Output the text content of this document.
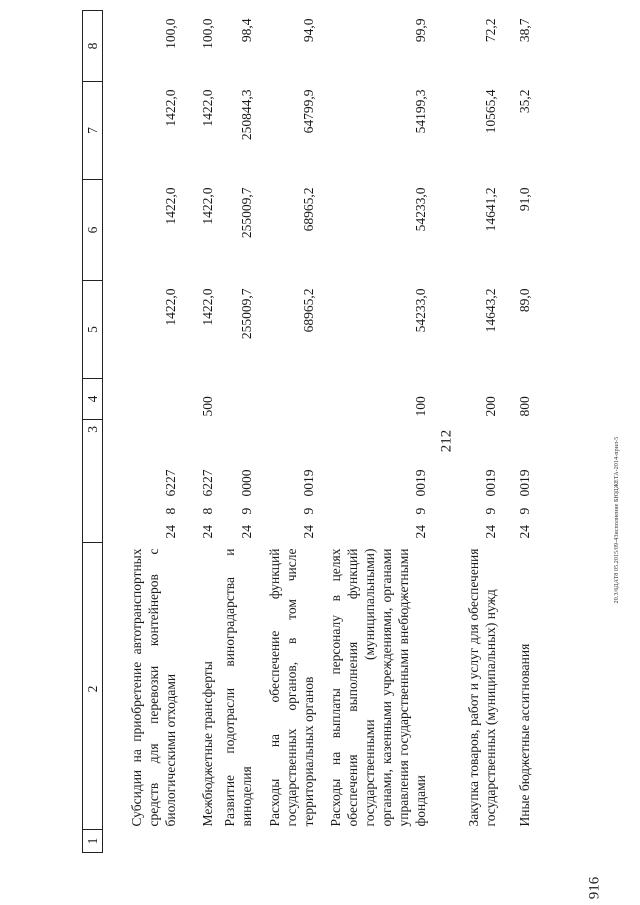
212
916
20.3/6ДАТ8 05.2015/09-43исполнение БЮДЖЕТА-2014-прил-5
1	2	3	4	5	6	7	8
	Субсидии на приобретение автотранспортных средств для перевозки контейнеров с биологическими отходами	2486227		1422,0	1422,0	1422,0	100,0
	Межбюджетные трансферты	2486227	500	1422,0	1422,0	1422,0	100,0
	Развитие подотрасли виноградарства и виноделия	2490000		255009,7	255009,7	250844,3	98,4
	Расходы на обеспечение функций государственных органов, в том числе территориальных органов	2490019		68965,2	68965,2	64799,9	94,0
	Расходы на выплаты персоналу в целях обеспечения выполнения функций государственными (муниципальными) органами, казенными учреждениями, органами управления государственными внебюджетными фондами	2490019	100	54233,0	54233,0	54199,3	99,9
	Закупка товаров, работ и услуг для обеспечения государственных (муниципальных) нужд	2490019	200	14643,2	14641,2	10565,4	72,2
	Иные бюджетные ассигнования	2490019	800	89,0	91,0	35,2	38,7
